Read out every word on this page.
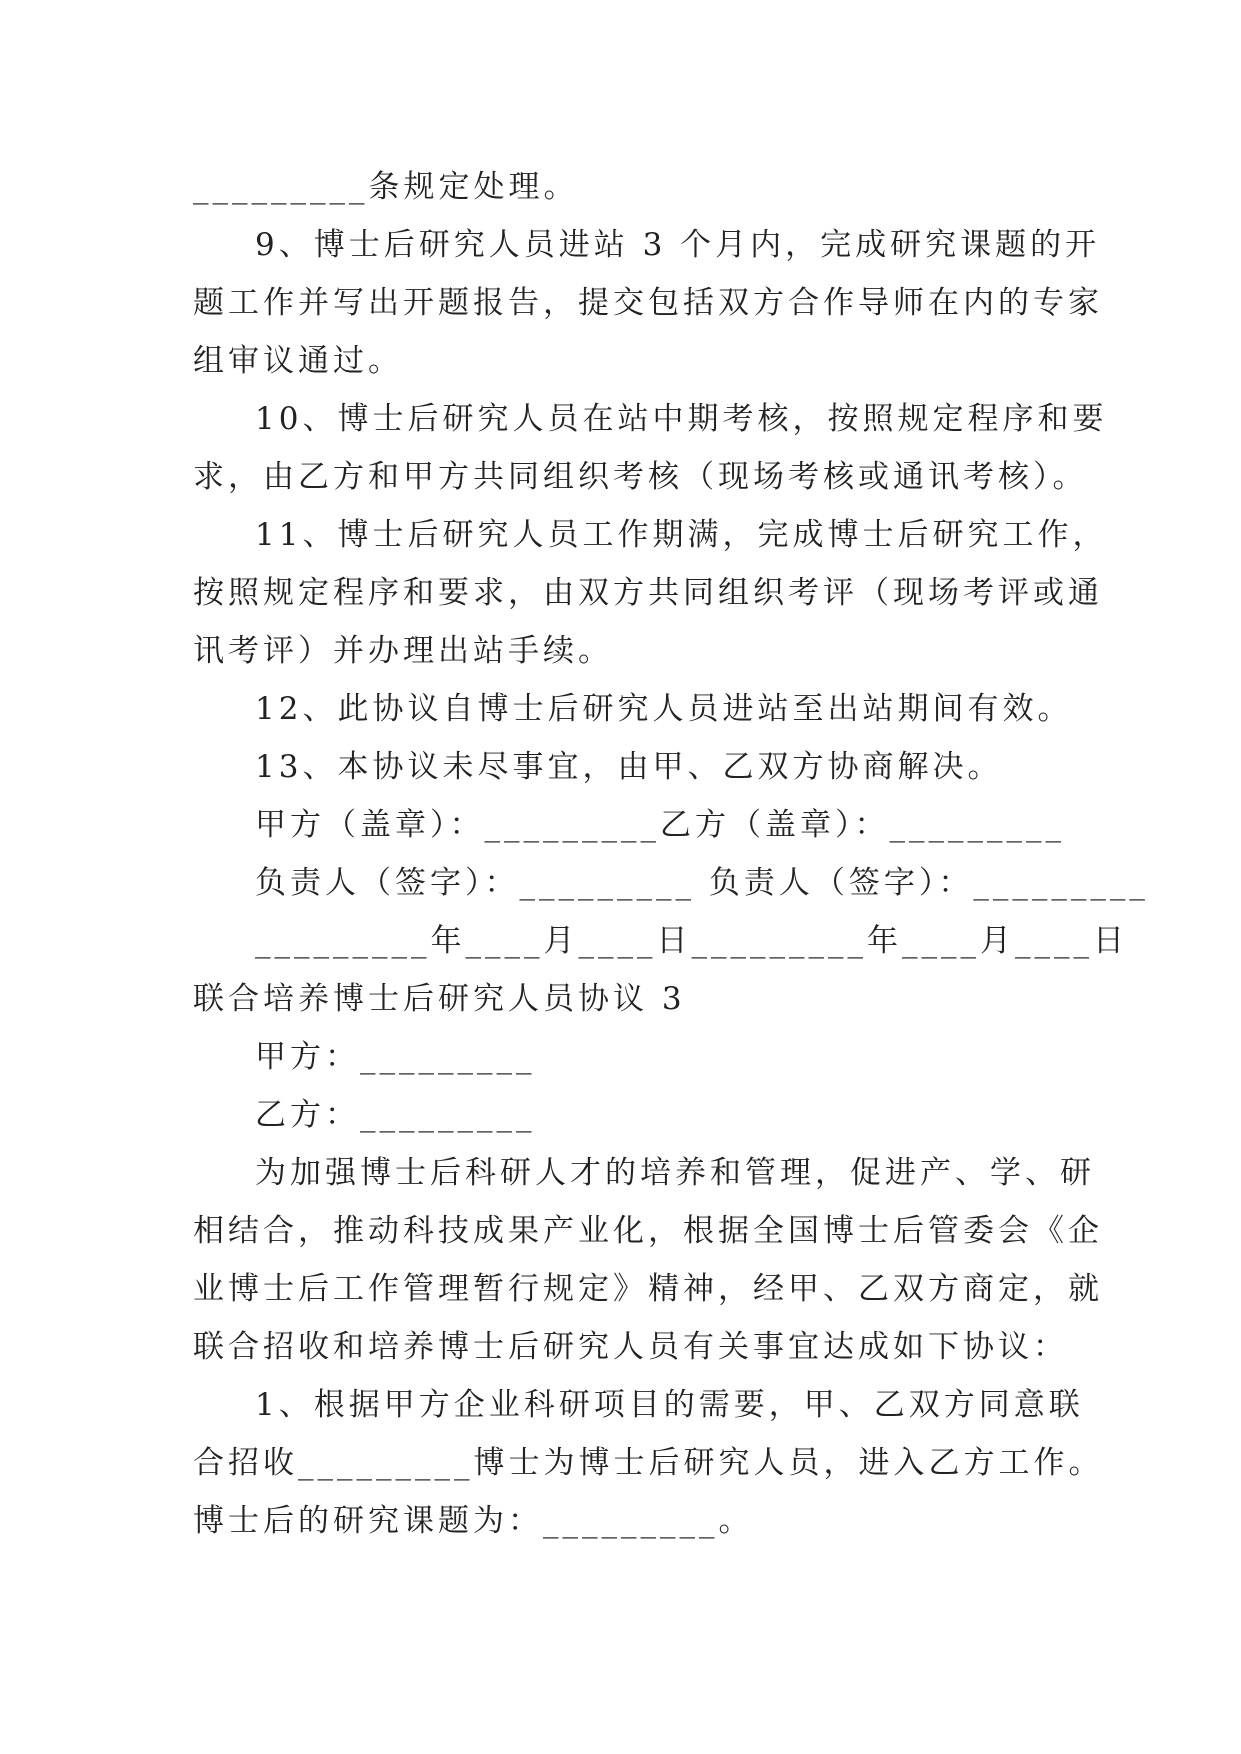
_________条规定处理。
9、博士后研究人员进站 3 个月内，完成研究课题的开
题工作并写出开题报告，提交包括双方合作导师在内的专家
组审议通过。
10、博士后研究人员在站中期考核，按照规定程序和要
求，由乙方和甲方共同组织考核（现场考核或通讯考核）。
11、博士后研究人员工作期满，完成博士后研究工作，
按照规定程序和要求，由双方共同组织考评（现场考评或通
讯考评）并办理出站手续。
12、此协议自博士后研究人员进站至出站期间有效。
13、本协议未尽事宜，由甲、乙双方协商解决。
甲方（盖章）：_________乙方（盖章）：_________
负责人（签字）：_________ 负责人（签字）：_________
_________年____月____日_________年____月____日
联合培养博士后研究人员协议 3
甲方：_________
乙方：_________
为加强博士后科研人才的培养和管理，促进产、学、研
相结合，推动科技成果产业化，根据全国博士后管委会《企
业博士后工作管理暂行规定》精神，经甲、乙双方商定，就
联合招收和培养博士后研究人员有关事宜达成如下协议：
1、根据甲方企业科研项目的需要，甲、乙双方同意联
合招收_________博士为博士后研究人员，进入乙方工作。
博士后的研究课题为：_________。
